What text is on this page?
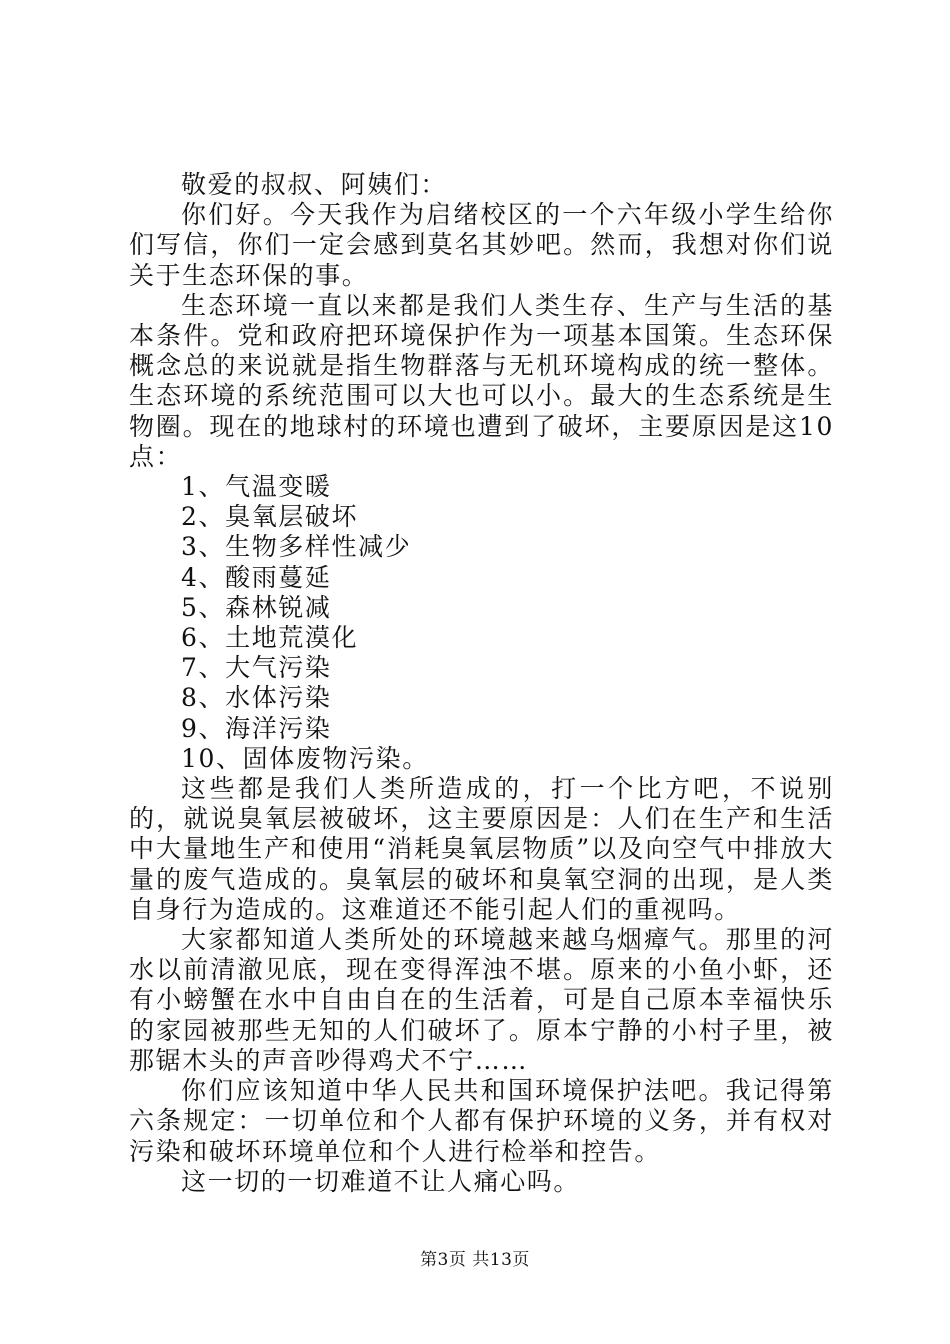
敬爱的叔叔、阿姨们：

你们好。今天我作为启绪校区的一个六年级小学生给你们写信，你们一定会感到莫名其妙吧。然而，我想对你们说关于生态环保的事。

生态环境一直以来都是我们人类生存、生产与生活的基本条件。党和政府把环境保护作为一项基本国策。生态环保概念总的来说就是指生物群落与无机环境构成的统一整体。生态环境的系统范围可以大也可以小。最大的生态系统是生物圈。现在的地球村的环境也遭到了破坏，主要原因是这10点：

1、气温变暖
2、臭氧层破坏
3、生物多样性减少
4、酸雨蔓延
5、森林锐减
6、土地荒漠化
7、大气污染
8、水体污染
9、海洋污染
10、固体废物污染。

这些都是我们人类所造成的，打一个比方吧，不说别的，就说臭氧层被破坏，这主要原因是：人们在生产和生活中大量地生产和使用“消耗臭氧层物质”以及向空气中排放大量的废气造成的。臭氧层的破坏和臭氧空洞的出现，是人类自身行为造成的。这难道还不能引起人们的重视吗。

大家都知道人类所处的环境越来越乌烟瘴气。那里的河水以前清澈见底，现在变得浑浊不堪。原来的小鱼小虾，还有小螃蟹在水中自由自在的生活着，可是自己原本幸福快乐的家园被那些无知的人们破坏了。原本宁静的小村子里，被那锯木头的声音吵得鸡犬不宁……

你们应该知道中华人民共和国环境保护法吧。我记得第六条规定：一切单位和个人都有保护环境的义务，并有权对污染和破坏环境单位和个人进行检举和控告。

这一切的一切难道不让人痛心吗。

第3页 共13页
